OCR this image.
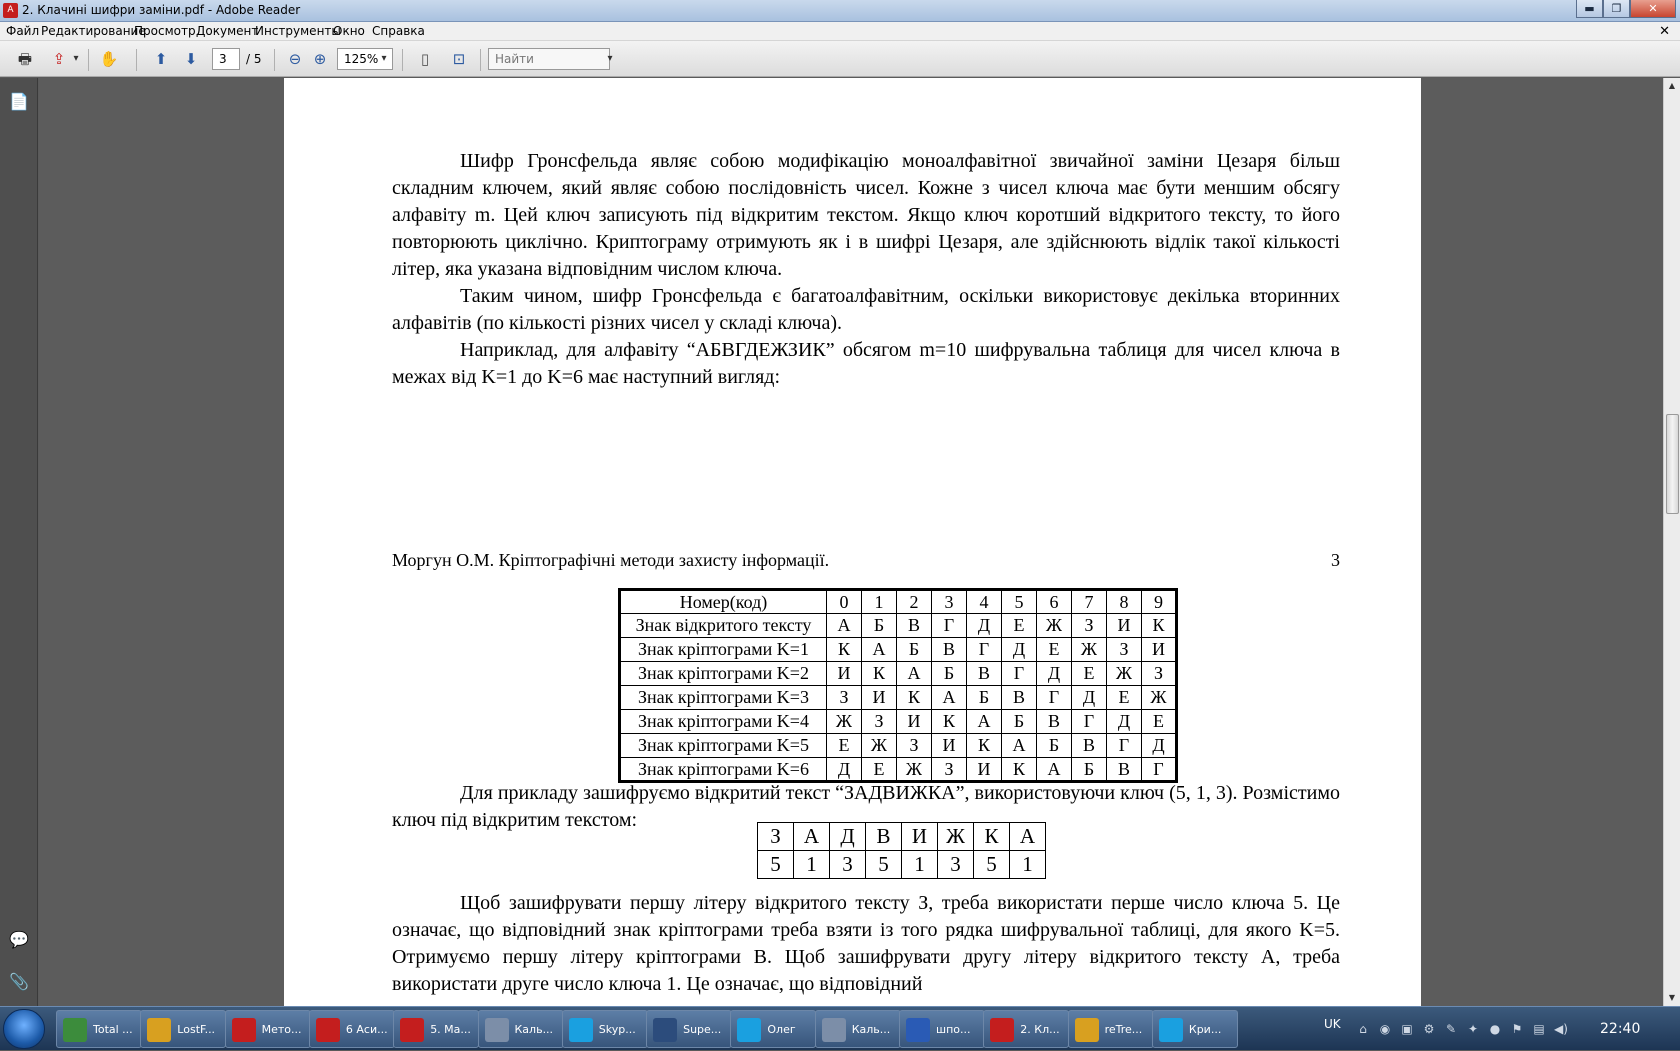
A 2. Клачині шифри заміни.pdf - Adobe Reader	▬	❐	✕
Файл Редактирование
Просмотр Документ
Инструменты
Окно Справка	✕
🖶	⇪ ▾ ✋	⬆	⬇	3	/ 5	⊖ ⊕	125% ▾	▯	⊡	Найти	▾
📄
💬
📎
Шифр Гронсфельда являє собою модифікацію моноалфавітної звичайної заміни Цезаря більш складним ключем, який являє собою послідовність чисел. Кожне з чисел ключа має бути меншим обсягу алфавіту m. Цей ключ записують під відкритим текстом. Якщо ключ коротший відкритого тексту, то його повторюють циклічно. Криптограму отримують як і в шифрі Цезаря, але здійснюють відлік такої кількості літер, яка указана відповідним числом ключа.
Таким чином, шифр Гронсфельда є багатоалфавітним, оскільки використовує декілька вторинних алфавітів (по кількості різних чисел у складі ключа).
Наприклад, для алфавіту “АБВГДЕЖЗИК” обсягом m=10 шифрувальна таблиця для чисел ключа в межах від K=1 до K=6 має наступний вигляд:
Моргун О.М. Кріптографічні методи захисту інформації.	3
Номер(код)	0	1	2	3	4	5	6	7	8	9
Знак відкритого тексту	А	Б	В	Г	Д	Е	Ж	З	И	К
Знак кріптограми K=1	К	А	Б	В	Г	Д	Е	Ж	З	И
Знак кріптограми K=2	И	К	А	Б	В	Г	Д	Е	Ж	З
Знак кріптограми K=3	З	И	К	А	Б	В	Г	Д	Е	Ж
Знак кріптограми K=4	Ж	З	И	К	А	Б	В	Г	Д	Е
Знак кріптограми K=5	Е	Ж	З	И	К	А	Б	В	Г	Д
Знак кріптограми K=6	Д	Е	Ж	З	И	К	А	Б	В	Г
Для прикладу зашифруємо відкритий текст “ЗАДВИЖКА”, використовуючи ключ (5, 1, 3). Розмістимо ключ під відкритим текстом:
З	А	Д	В	И	Ж	К	А
5	1	3	5	1	3	5	1
Щоб зашифрувати першу літеру відкритого тексту З, треба використати перше число ключа 5. Це означає, що відповідний знак кріптограми треба взяти із того рядка шифрувальної таблиці, для якого K=5. Отримуємо першу літеру кріптограми В. Щоб зашифрувати другу літеру відкритого тексту А, треба використати друге число ключа 1. Це означає, що відповідний
▲
▼
Total ...	LostF...	Мето...	6 Аси...	5. Ма...	Каль...	Skyp...	Supe...	Олег	Каль...	шпо...	2. Кл...	reTre...	Кри...	UK ⌂ ◉ ▣ ⚙ ✎ ✦ ● ⚑ ▤ ◀) 22:40
